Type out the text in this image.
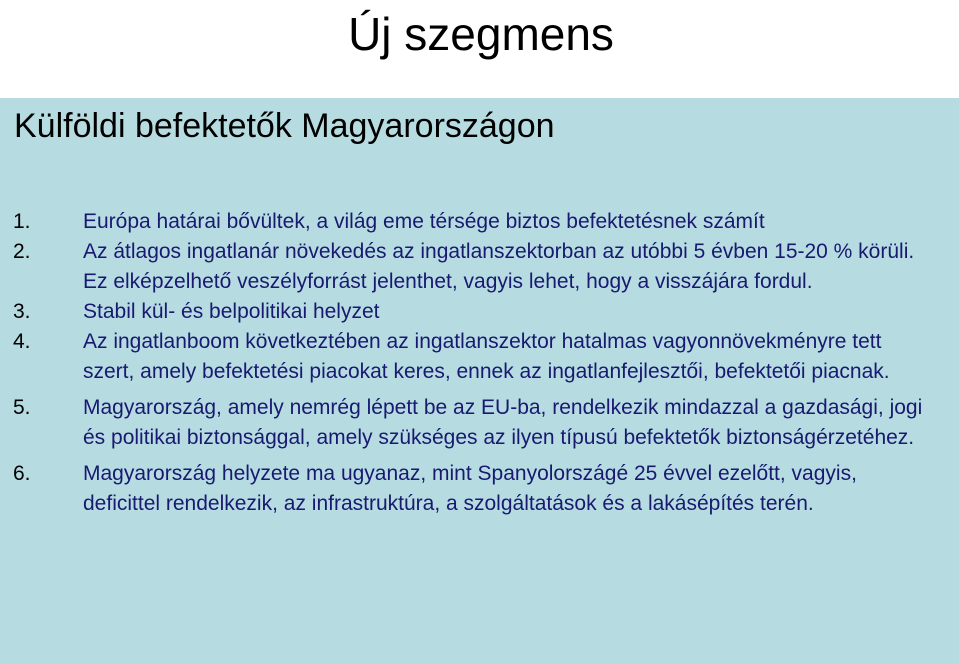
Új szegmens
Külföldi befektetők Magyarországon
1.	Európa határai bővültek, a világ eme térsége biztos befektetésnek számít
2.	Az átlagos ingatlanár növekedés az ingatlanszektorban az utóbbi 5 évben 15-20 % körüli. Ez elképzelhető veszélyforrást jelenthet, vagyis lehet, hogy a visszájára fordul.
3.	Stabil kül- és belpolitikai helyzet
4.	Az ingatlanboom következtében az ingatlanszektor hatalmas vagyonnövekményre tett szert, amely befektetési piacokat keres, ennek az ingatlanfejlesztői, befektetői piacnak.
5.	Magyarország, amely nemrég lépett be az EU-ba, rendelkezik mindazzal a gazdasági, jogi és politikai biztonsággal, amely szükséges az ilyen típusú befektetők biztonságérzetéhez.
6.	Magyarország helyzete ma ugyanaz, mint Spanyolországé 25 évvel ezelőtt, vagyis, deficittel rendelkezik, az infrastruktúra, a szolgáltatások és a lakásépítés terén.
